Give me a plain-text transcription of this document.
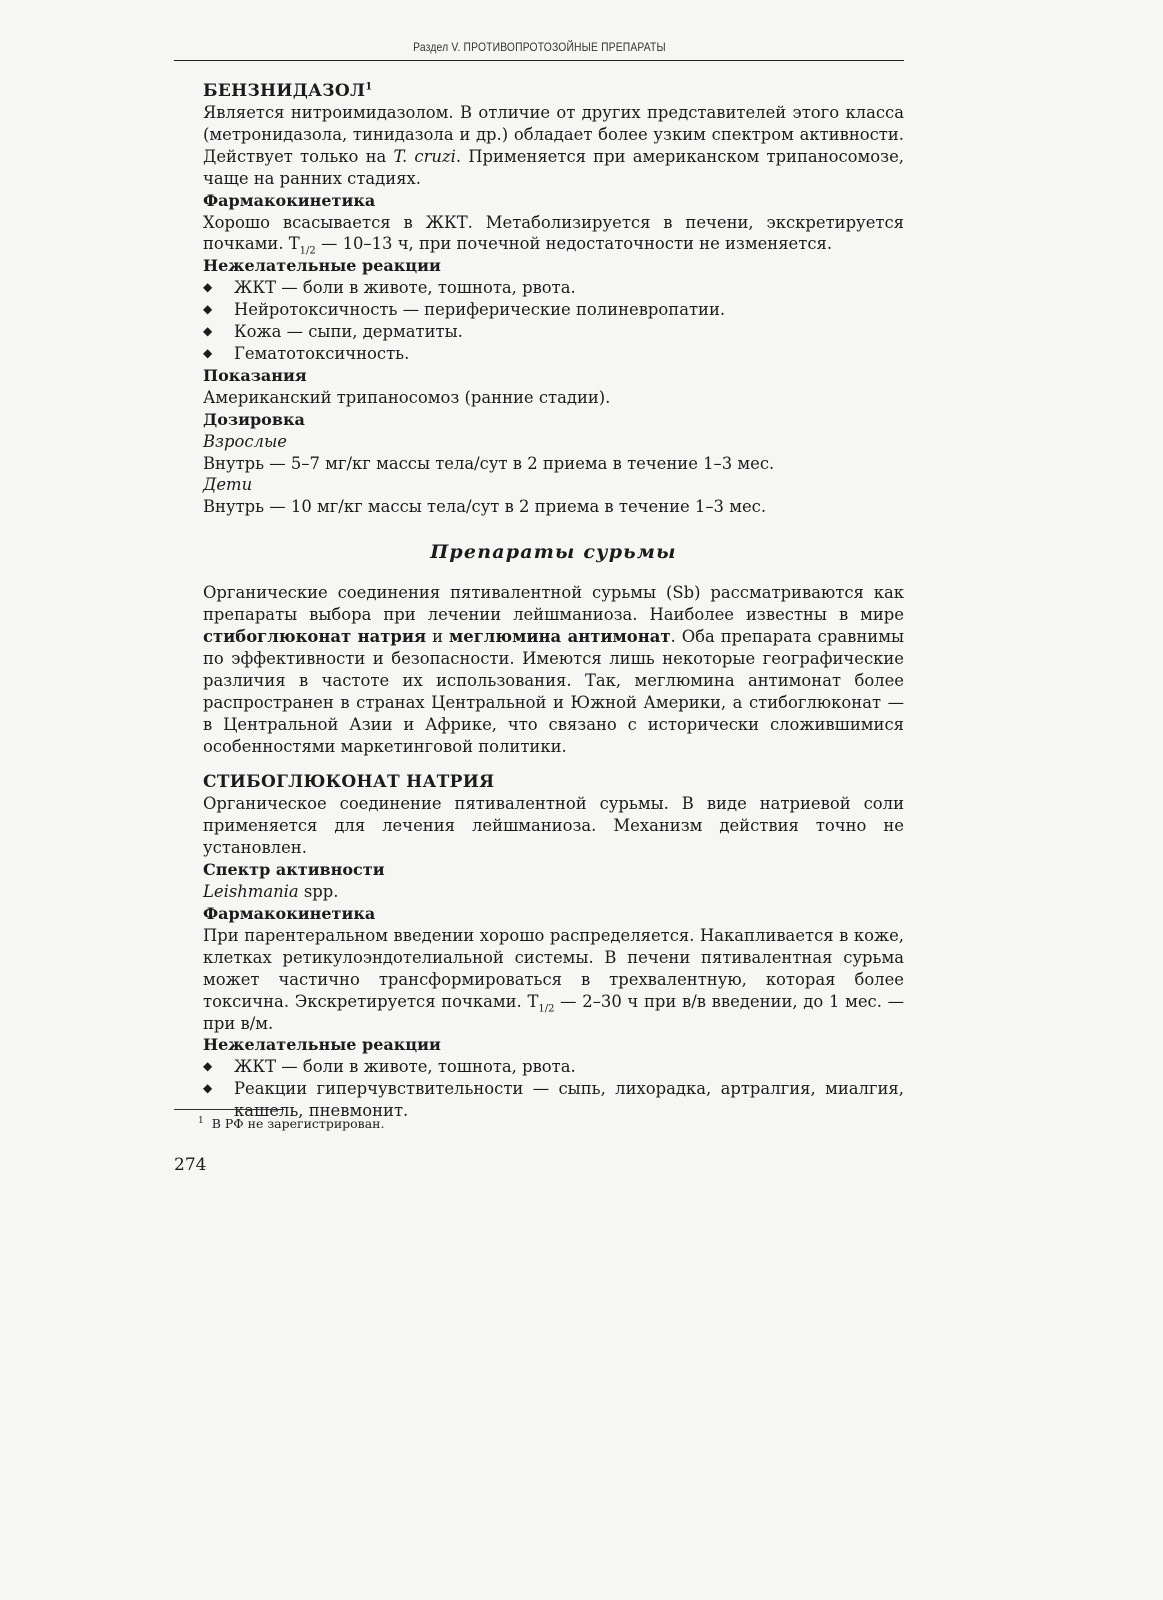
Раздел V. ПРОТИВОПРОТОЗОЙНЫЕ ПРЕПАРАТЫ
БЕНЗНИДАЗОЛ$^1$

Является нитроимидазолом. В отличие от других представителей этого класса (метронидазола, тинидазола и др.) обладает более узким спектром активности. Действует только на T. cruzi. Применяется при американском трипаносомозе, чаще на ранних стадиях.

Фармакокинетика

Хорошо всасывается в ЖКТ. Метаболизируется в печени, экскретируется почками. $Т_{1/2}$ — 10–13 ч, при почечной недостаточности не изменяется.

Нежелательные реакции
◆ ЖКТ — боли в животе, тошнота, рвота.
◆ Нейротоксичность — периферические полиневропатии.
◆ Кожа — сыпи, дерматиты.
◆ Гематотоксичность.
Показания

Американский трипаносомоз (ранние стадии).

Дозировка

Взрослые

Внутрь — 5–7 мг/кг массы тела/сут в 2 приема в течение 1–3 мес.

Дети

Внутрь — 10 мг/кг массы тела/сут в 2 приема в течение 1–3 мес.

Препараты сурьмы

Органические соединения пятивалентной сурьмы (Sb) рассматриваются как препараты выбора при лечении лейшманиоза. Наиболее известны в мире стибоглюконат натрия и меглюмина антимонат. Оба препарата сравнимы по эффективности и безопасности. Имеются лишь некоторые географические различия в частоте их использования. Так, меглюмина антимонат более распространен в странах Центральной и Южной Америки, а стибоглюконат — в Центральной Азии и Африке, что связано с исторически сложившимися особенностями маркетинговой политики.

СТИБОГЛЮКОНАТ НАТРИЯ

Органическое соединение пятивалентной сурьмы. В виде натриевой соли применяется для лечения лейшманиоза. Механизм действия точно не установлен.

Спектр активности

Leishmania spp.

Фармакокинетика

При парентеральном введении хорошо распределяется. Накапливается в коже, клетках ретикулоэндотелиальной системы. В печени пятивалентная сурьма может частично трансформироваться в трехвалентную, которая более токсична. Экскретируется почками. $Т_{1/2}$ — 2–30 ч при в/в введении, до 1 мес. — при в/м.

Нежелательные реакции
◆ ЖКТ — боли в животе, тошнота, рвота.
◆ Реакции гиперчувствительности — сыпь, лихорадка, артралгия, миалгия, кашель, пневмонит.
$^1$ В РФ не зарегистрирован.
274
